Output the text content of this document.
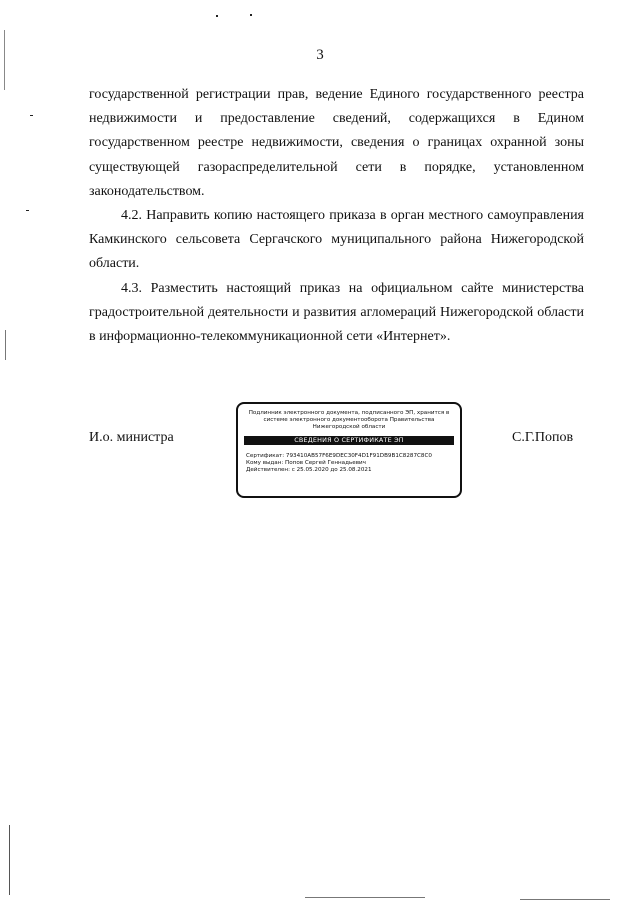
3

государственной регистрации прав, ведение Единого государственного реестра недвижимости и предоставление сведений, содержащихся в Едином государственном реестре недвижимости, сведения о границах охранной зоны существующей газораспределительной сети в порядке, установленном законодательством.

4.2. Направить копию настоящего приказа в орган местного самоуправления Камкинского сельсовета Сергачского муниципального района Нижегородской области.

4.3. Разместить настоящий приказ на официальном сайте министерства градостроительной деятельности и развития агломераций Нижегородской области в информационно-телекоммуникационной сети «Интернет».

И.о. министра
Подлинник электронного документа, подписанного ЭП, хранится в системе электронного документооборота Правительства Нижегородской области
СВЕДЕНИЯ О СЕРТИФИКАТЕ ЭП
Сертификат: 793410AB57F6E9DEC30F4D1F91DB9B1C8287C8C0
Кому выдан: Попов Сергей Геннадьевич
Действителен: с 25.05.2020 до 25.08.2021
С.Г.Попов
